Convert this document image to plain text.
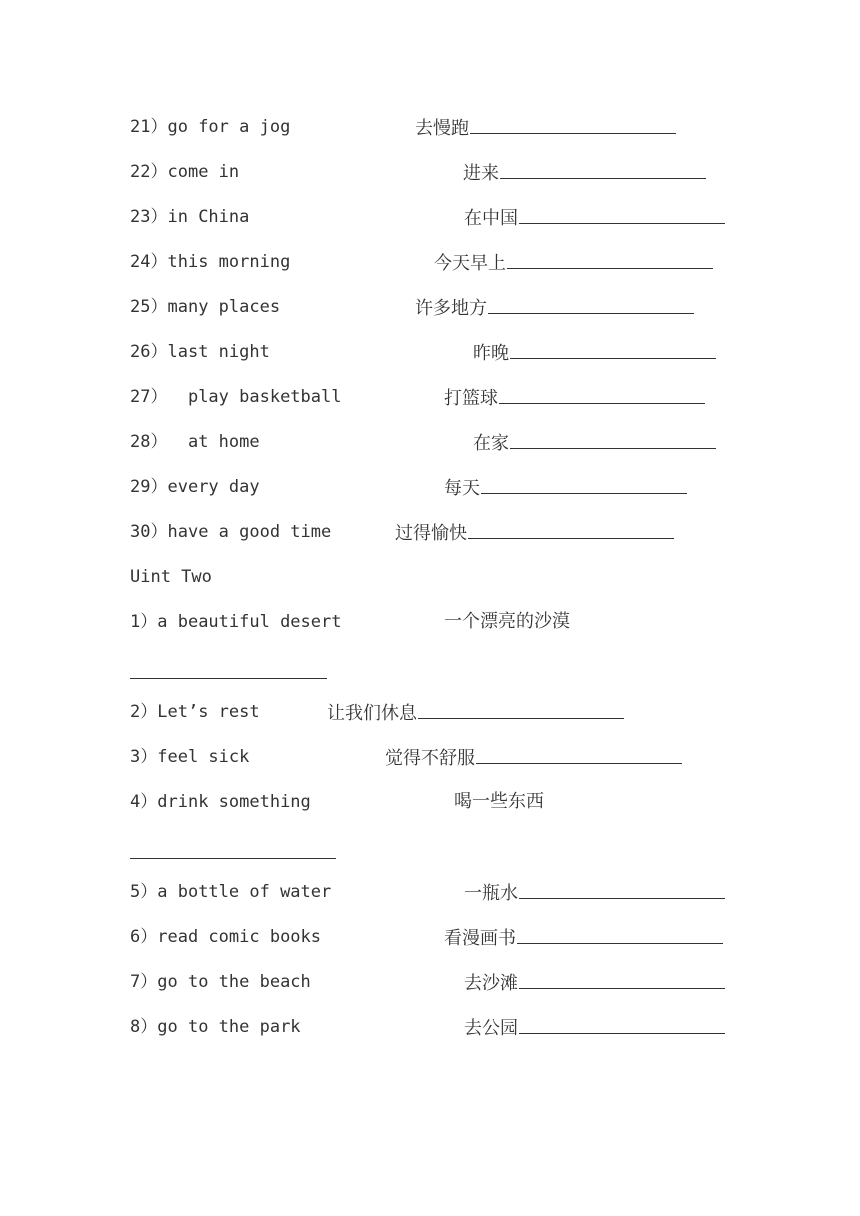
21）go for a jog	去慢跑
22）come in	进来
23）in China	在中国
24）this morning	今天早上
25）many places	许多地方
26）last night	昨晚
27）  play basketball	打篮球
28）  at home	在家
29）every day	每天
30）have a good time	过得愉快
Uint Two
1）a beautiful desert	一个漂亮的沙漠
2）Let’s rest	让我们休息
3）feel sick	觉得不舒服
4）drink something	喝一些东西
5）a bottle of water	一瓶水
6）read comic books	看漫画书
7）go to the beach	去沙滩
8）go to the park	去公园
